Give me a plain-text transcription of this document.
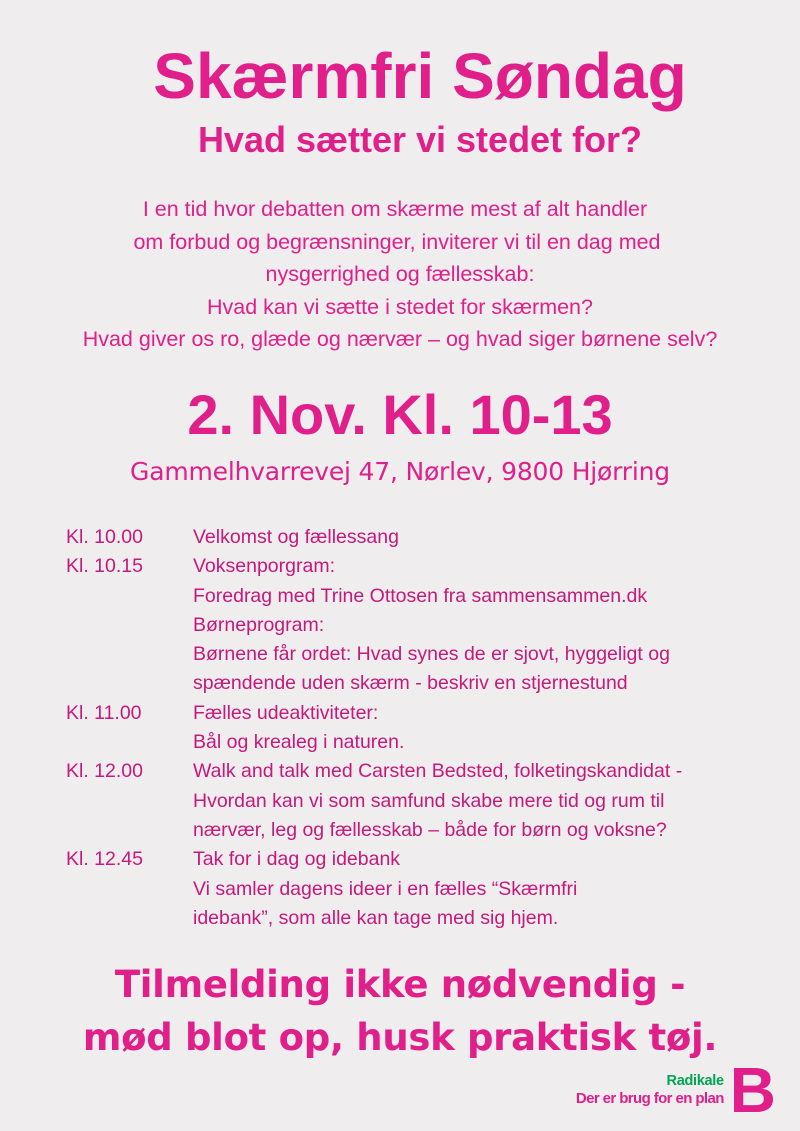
Skærmfri Søndag
Hvad sætter vi stedet for?
I en tid hvor debatten om skærme mest af alt handler
om forbud og begrænsninger, inviterer vi til en dag med
nysgerrighed og fællesskab:
Hvad kan vi sætte i stedet for skærmen?
Hvad giver os ro, glæde og nærvær – og hvad siger børnene selv?
2. Nov. Kl. 10-13
Gammelhvarrevej 47, Nørlev, 9800 Hjørring
Kl. 10.00	Velkomst og fællessang
Kl. 10.15	Voksenporgram:
Foredrag med Trine Ottosen fra sammensammen.dk
Børneprogram:
Børnene får ordet: Hvad synes de er sjovt, hyggeligt og
spændende uden skærm - beskriv en stjernestund
Kl. 11.00	Fælles udeaktiviteter:
Bål og krealeg i naturen.
Kl. 12.00	Walk and talk med Carsten Bedsted, folketingskandidat -
Hvordan kan vi som samfund skabe mere tid og rum til
nærvær, leg og fællesskab – både for børn og voksne?
Kl. 12.45	Tak for i dag og idebank
Vi samler dagens ideer i en fælles “Skærmfri
idebank”, som alle kan tage med sig hjem.
Tilmelding ikke nødvendig -
mød blot op, husk praktisk tøj.
Radikale
Der er brug for en plan B
